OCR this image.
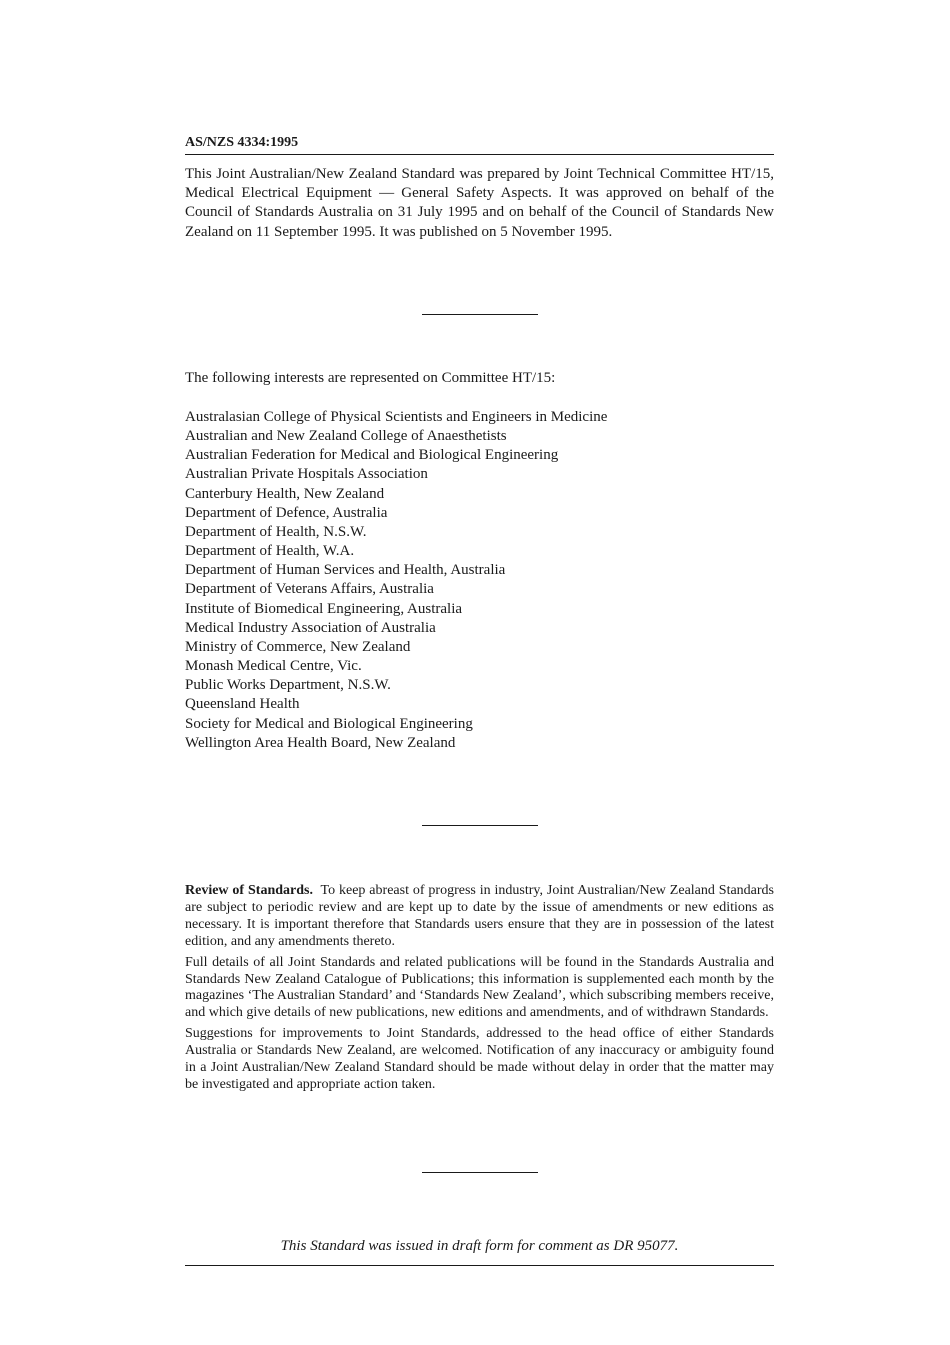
AS/NZS 4334:1995

This Joint Australian/New Zealand Standard was prepared by Joint Technical Committee HT/15, Medical Electrical Equipment — General Safety Aspects. It was approved on behalf of the Council of Standards Australia on 31 July 1995 and on behalf of the Council of Standards New Zealand on 11 September 1995. It was published on 5 November 1995.

The following interests are represented on Committee HT/15:

Australasian College of Physical Scientists and Engineers in Medicine
Australian and New Zealand College of Anaesthetists
Australian Federation for Medical and Biological Engineering
Australian Private Hospitals Association
Canterbury Health, New Zealand
Department of Defence, Australia
Department of Health, N.S.W.
Department of Health, W.A.
Department of Human Services and Health, Australia
Department of Veterans Affairs, Australia
Institute of Biomedical Engineering, Australia
Medical Industry Association of Australia
Ministry of Commerce, New Zealand
Monash Medical Centre, Vic.
Public Works Department, N.S.W.
Queensland Health
Society for Medical and Biological Engineering
Wellington Area Health Board, New Zealand

Review of Standards. To keep abreast of progress in industry, Joint Australian/New Zealand Standards are subject to periodic review and are kept up to date by the issue of amendments or new editions as necessary. It is important therefore that Standards users ensure that they are in possession of the latest edition, and any amendments thereto.

Full details of all Joint Standards and related publications will be found in the Standards Australia and Standards New Zealand Catalogue of Publications; this information is supplemented each month by the magazines ‘The Australian Standard’ and ‘Standards New Zealand’, which subscribing members receive, and which give details of new publications, new editions and amendments, and of withdrawn Standards.

Suggestions for improvements to Joint Standards, addressed to the head office of either Standards Australia or Standards New Zealand, are welcomed. Notification of any inaccuracy or ambiguity found in a Joint Australian/New Zealand Standard should be made without delay in order that the matter may be investigated and appropriate action taken.

This Standard was issued in draft form for comment as DR 95077.
